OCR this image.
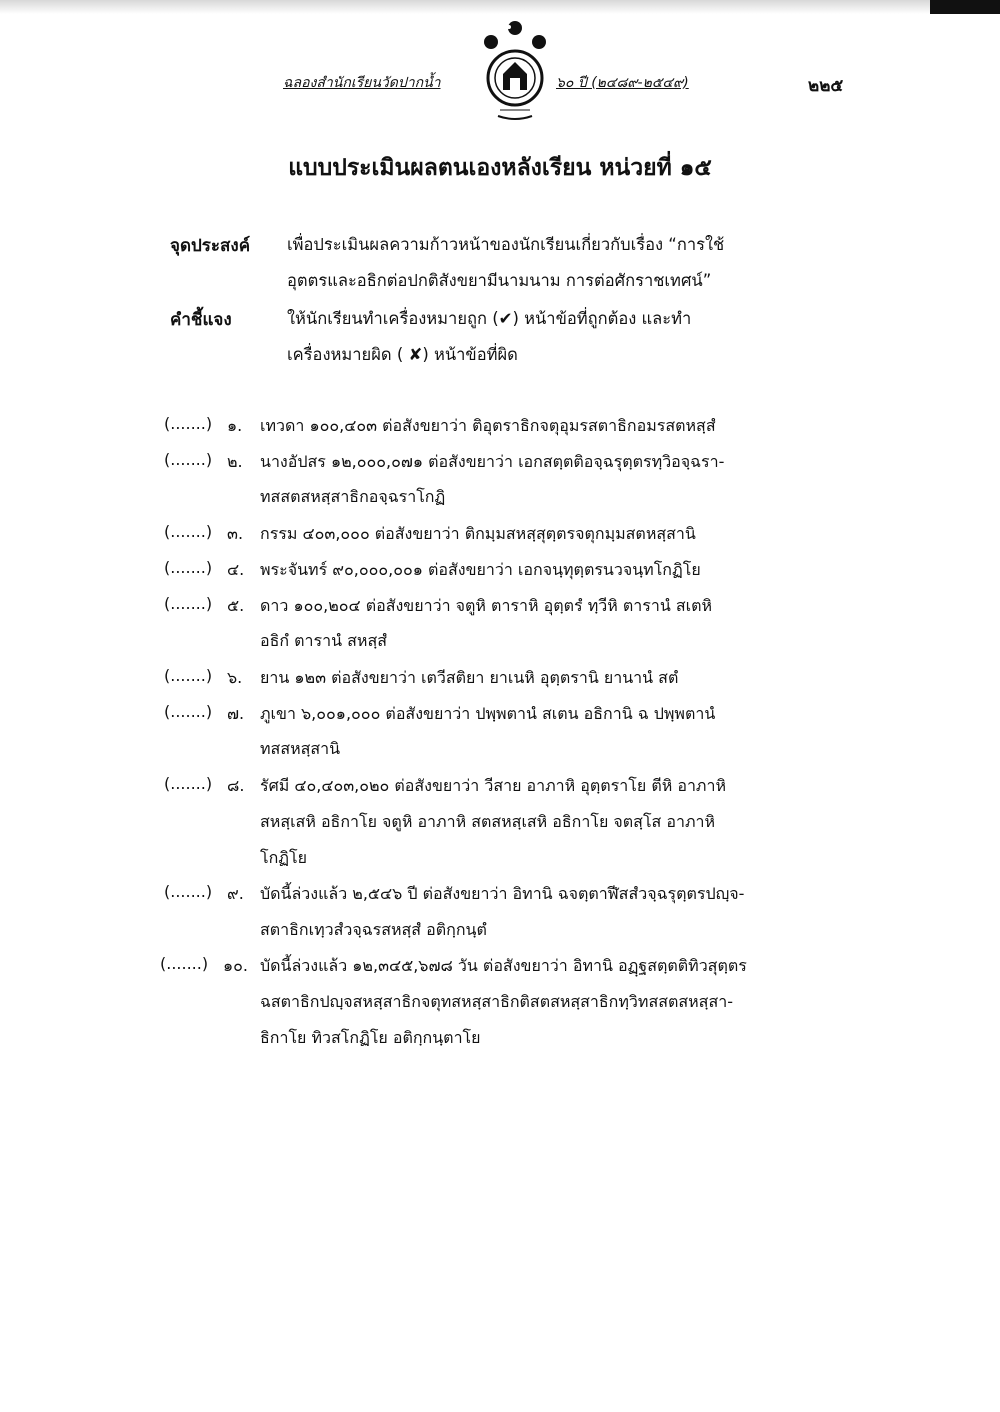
ฉลองสำนักเรียนวัดปากน้ำ	๖๐ ปี (๒๔๘๙-๒๕๔๙)	๒๒๕
แบบประเมินผลตนเองหลังเรียน หน่วยที่ ๑๕
จุดประสงค์ เพื่อประเมินผลความก้าวหน้าของนักเรียนเกี่ยวกับเรื่อง “การใช้
อุตตรและอธิกต่อปกติสังขยามีนามนาม การต่อศักราชเทศน์”
คำชี้แจง	ให้นักเรียนทำเครื่องหมายถูก (✔) หน้าข้อที่ถูกต้อง และทำ
เครื่องหมายผิด ( ✘) หน้าข้อที่ผิด
(.......) ๑. เทวดา ๑๐๐,๔๐๓ ต่อสังขยาว่า ติอุตราธิกจตุอุมรสตาธิกอมรสตหสฺสํ
(.......) ๒. นางอัปสร ๑๒,๐๐๐,๐๗๑ ต่อสังขยาว่า เอกสตฺตติอจฺฉรุตฺตรทฺวิอจฺฉรา-
ทสสตสหสฺสาธิกอจฺฉราโกฏิ
(.......) ๓. กรรม ๔๐๓,๐๐๐ ต่อสังขยาว่า ติกมฺมสหสฺสุตฺตรจตุกมฺมสตหสฺสานิ
(.......) ๔. พระจันทร์ ๙๐,๐๐๐,๐๐๑ ต่อสังขยาว่า เอกจนฺทุตฺตรนวจนฺทโกฏิโย
(.......) ๕. ดาว ๑๐๐,๒๐๔ ต่อสังขยาว่า จตูหิ ตาราหิ อุตฺตรํ ทฺวีหิ ตารานํ สเตหิ
อธิกํ ตารานํ สหสฺสํ
(.......) ๖. ยาน ๑๒๓ ต่อสังขยาว่า เตวีสติยา ยาเนหิ อุตฺตรานิ ยานานํ สตํ
(.......) ๗. ภูเขา ๖,๐๐๑,๐๐๐ ต่อสังขยาว่า ปพฺพตานํ สเตน อธิกานิ ฉ ปพฺพตานํ
ทสสหสฺสานิ
(.......) ๘. รัศมี ๔๐,๔๐๓,๐๒๐ ต่อสังขยาว่า วีสาย อาภาหิ อุตฺตราโย ตีหิ อาภาหิ
สหสฺเสหิ อธิกาโย จตูหิ อาภาหิ สตสหสฺเสหิ อธิกาโย จตสฺโส อาภาหิ
โกฏิโย
(.......) ๙. บัดนี้ล่วงแล้ว ๒,๕๔๖ ปี ต่อสังขยาว่า อิทานิ ฉจตฺตาฬีสสํวจฺฉรุตฺตรปญฺจ-
สตาธิกเทฺวสํวจฺฉรสหสฺสํ อติกฺกนฺตํ
(.......) ๑๐. บัดนี้ล่วงแล้ว ๑๒,๓๔๕,๖๗๘ วัน ต่อสังขยาว่า อิทานิ อฏฺฐสตฺตติทิวสุตฺตร
ฉสตาธิกปญฺจสหสฺสาธิกจตุทสหสฺสาธิกติสตสหสฺสาธิกทฺวิทสสตสหสฺสา-
ธิกาโย ทิวสโกฏิโย อติกฺกนฺตาโย
